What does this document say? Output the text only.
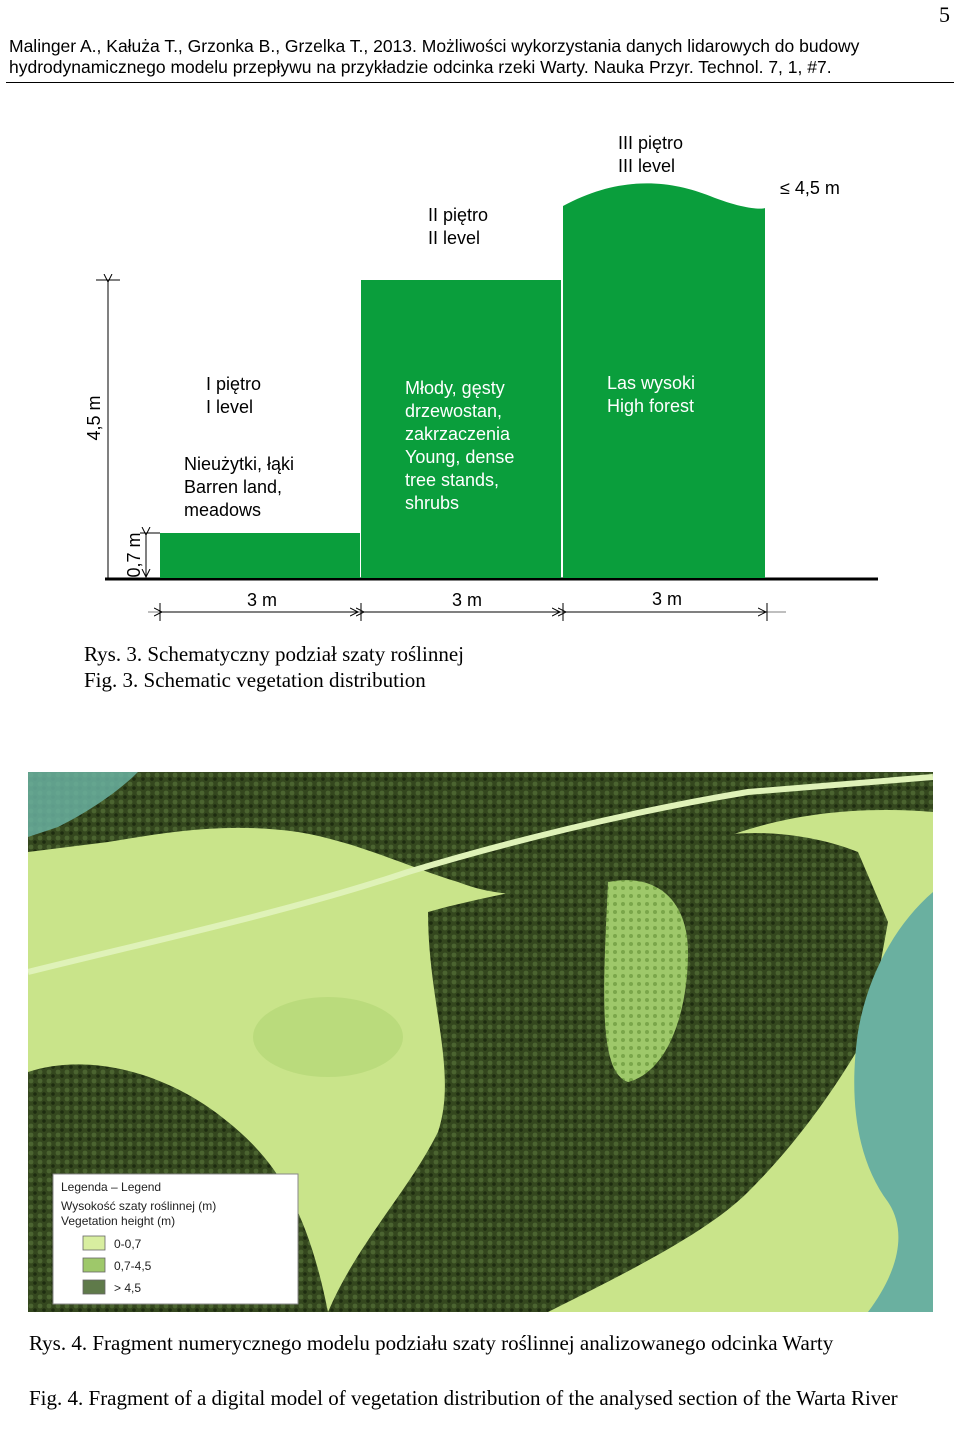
5
Malinger A., Kałuża T., Grzonka B., Grzelka T., 2013. Możliwości wykorzystania danych lidarowych do budowy
hydrodynamicznego modelu przepływu na przykładzie odcinka rzeki Warty. Nauka Przyr. Technol. 7, 1, #7.
4,5 m
0,7 m
≤ 4,5 m
I piętro
I level
II piętro
II level
III piętro
III level
Nieużytki, łąki
Barren land,
meadows
Młody, gęsty
drzewostan,
zakrzaczenia
Young, dense
tree stands,
shrubs
Las wysoki
High forest
3 m	3 m	3 m
Rys. 3. Schematyczny podział szaty roślinnej
Fig. 3. Schematic vegetation distribution
Legenda – Legend
Wysokość szaty roślinnej (m)
Vegetation height (m)
0-0,7
0,7-4,5
> 4,5
Rys. 4. Fragment numerycznego modelu podziału szaty roślinnej analizowanego odcinka Warty
Fig. 4. Fragment of a digital model of vegetation distribution of the analysed section of the Warta River
